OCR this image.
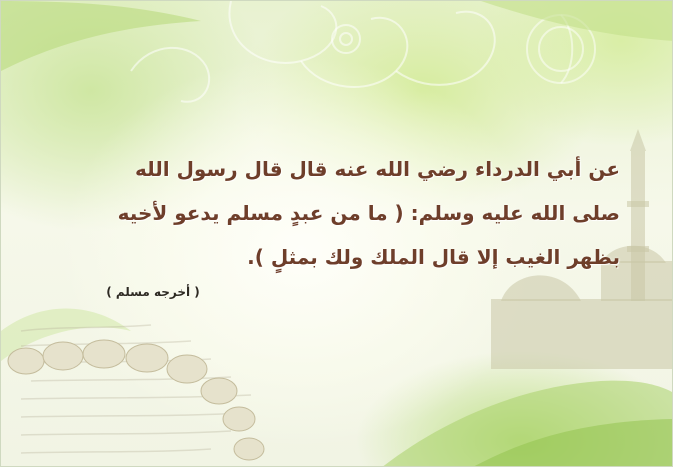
عن أبي الدرداء رضي الله عنه قال قال رسول الله
صلى الله عليه وسلم: ( ما من عبدٍ مسلم يدعو لأخيه
بظهر الغيب إلا قال الملك ولك بمثلٍ ).
( أخرجه مسلم )
